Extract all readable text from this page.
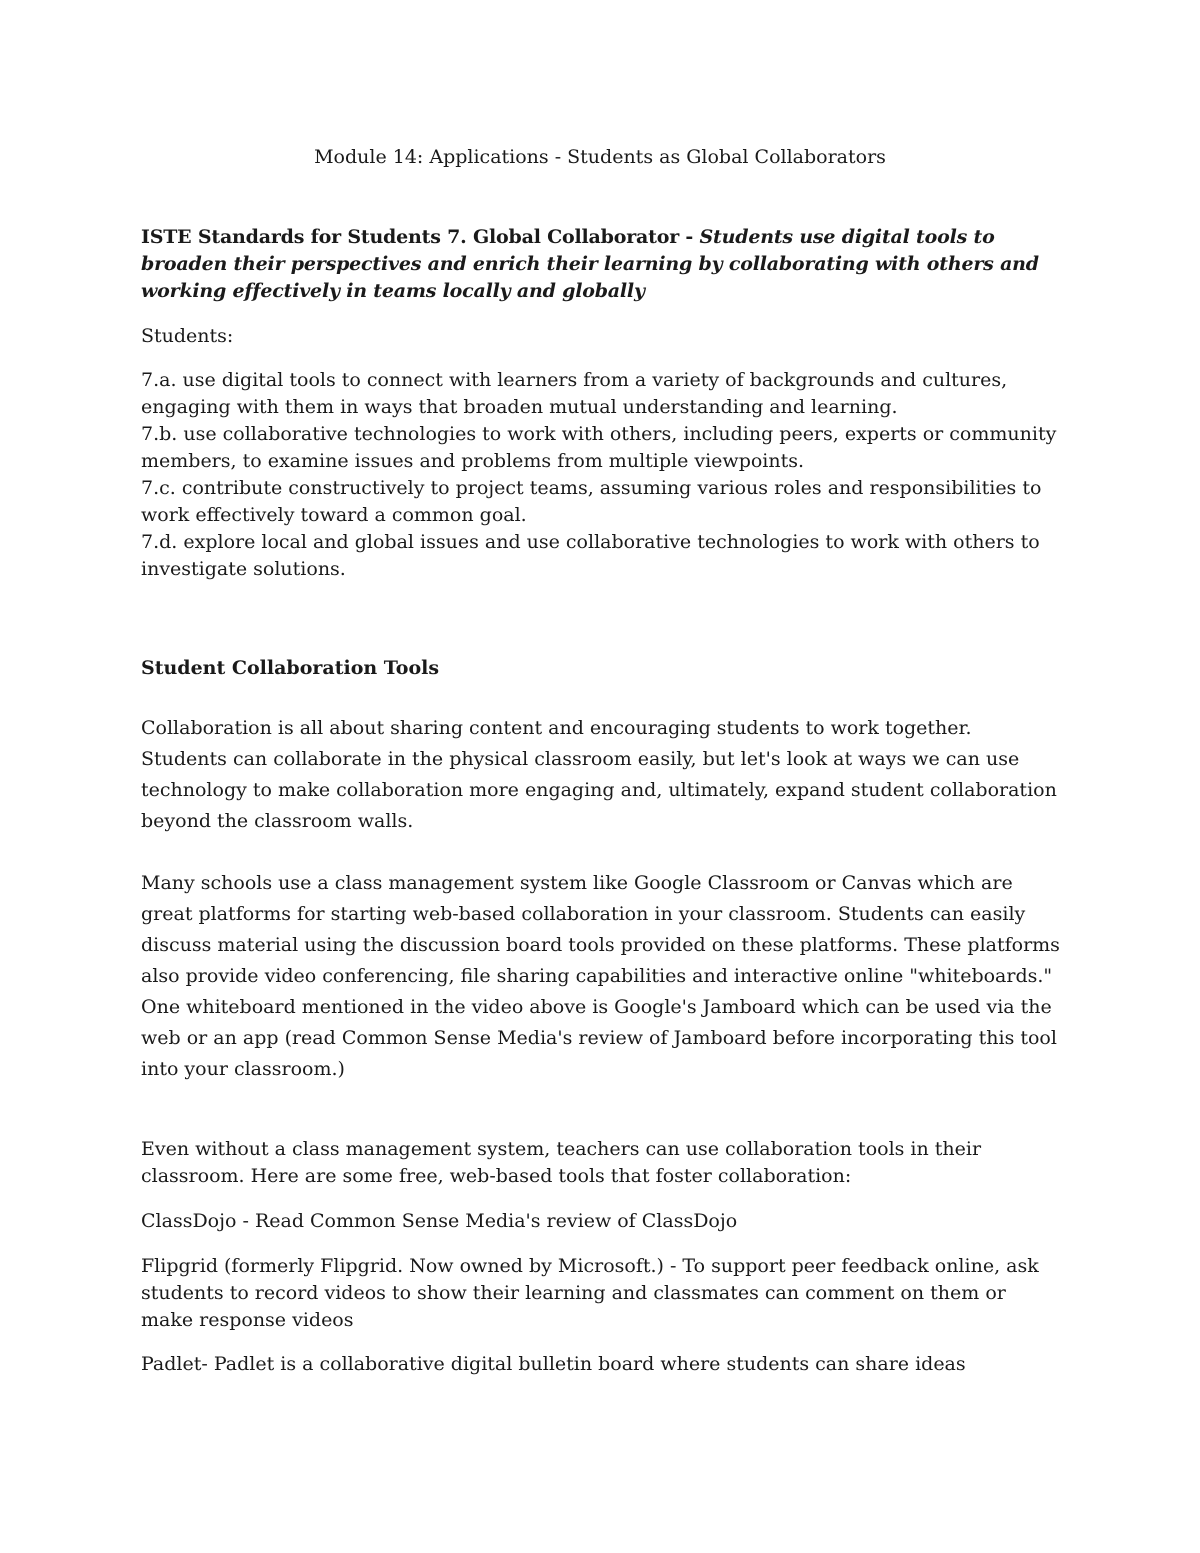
Module 14: Applications - Students as Global Collaborators

ISTE Standards for Students 7. Global Collaborator - Students use digital tools to broaden their perspectives and enrich their learning by collaborating with others and working effectively in teams locally and globally

Students:

7.a. use digital tools to connect with learners from a variety of backgrounds and cultures, engaging with them in ways that broaden mutual understanding and learning.
7.b. use collaborative technologies to work with others, including peers, experts or community members, to examine issues and problems from multiple viewpoints.
7.c. contribute constructively to project teams, assuming various roles and responsibilities to work effectively toward a common goal.
7.d. explore local and global issues and use collaborative technologies to work with others to investigate solutions.
Student Collaboration Tools

Collaboration is all about sharing content and encouraging students to work together. Students can collaborate in the physical classroom easily, but let's look at ways we can use technology to make collaboration more engaging and, ultimately, expand student collaboration beyond the classroom walls.

Many schools use a class management system like Google Classroom or Canvas which are great platforms for starting web-based collaboration in your classroom. Students can easily discuss material using the discussion board tools provided on these platforms. These platforms also provide video conferencing, file sharing capabilities and interactive online "whiteboards." One whiteboard mentioned in the video above is Google's Jamboard which can be used via the web or an app (read Common Sense Media's review of Jamboard before incorporating this tool into your classroom.)

Even without a class management system, teachers can use collaboration tools in their classroom. Here are some free, web-based tools that foster collaboration:

ClassDojo - Read Common Sense Media's review of ClassDojo

Flipgrid (formerly Flipgrid. Now owned by Microsoft.) - To support peer feedback online, ask students to record videos to show their learning and classmates can comment on them or make response videos

Padlet- Padlet is a collaborative digital bulletin board where students can share ideas
